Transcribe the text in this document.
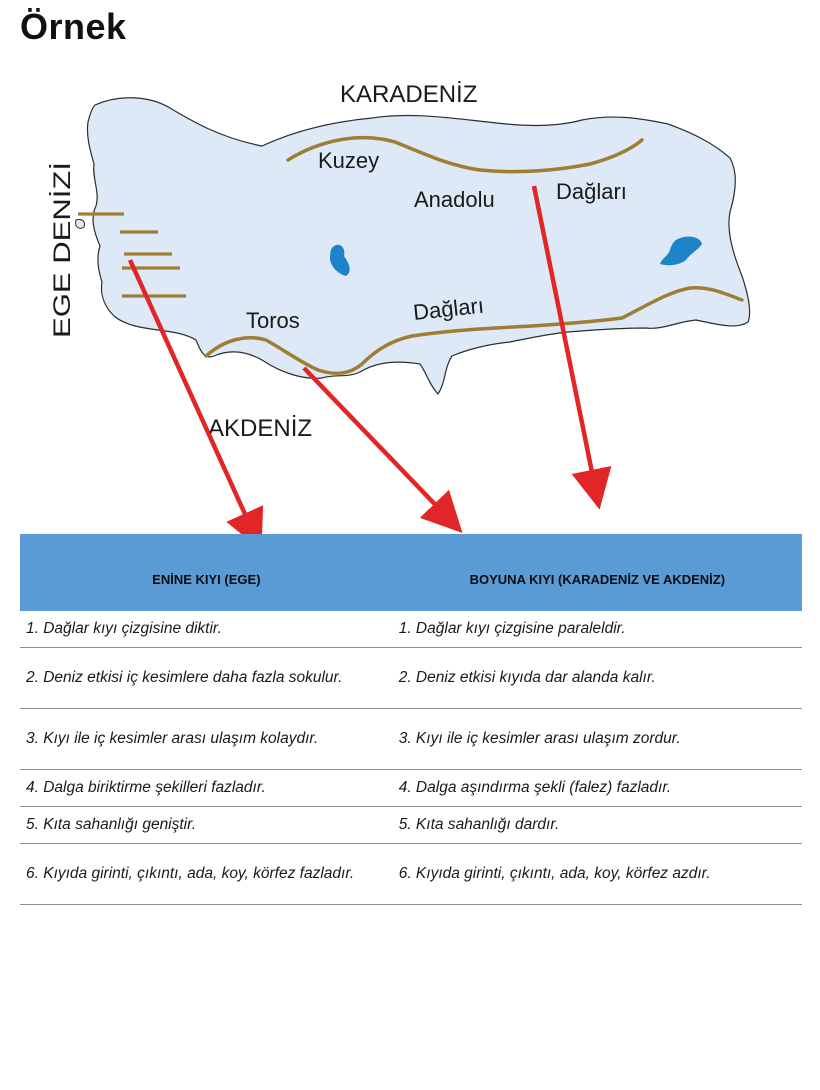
Örnek
KARADENİZ
AKDENİZ
EGE DENİZİ
Kuzey
Anadolu	Dağları
Toros	Dağları
ENİNE KIYI (EGE)	BOYUNA KIYI (KARADENİZ VE AKDENİZ)

1. Dağlar kıyı çizgisine diktir.	1. Dağlar kıyı çizgisine paraleldir.

2. Deniz etkisi iç kesimlere daha fazla sokulur.	2. Deniz etkisi kıyıda dar alanda kalır.

3. Kıyı ile iç kesimler arası ulaşım kolaydır.	3. Kıyı ile iç kesimler arası ulaşım zordur.

4. Dalga biriktirme şekilleri fazladır.	4. Dalga aşındırma şekli (falez) fazladır.

5. Kıta sahanlığı geniştir.	5. Kıta sahanlığı dardır.

6. Kıyıda girinti, çıkıntı, ada, koy, körfez fazladır.	6. Kıyıda girinti, çıkıntı, ada, koy, körfez azdır.
